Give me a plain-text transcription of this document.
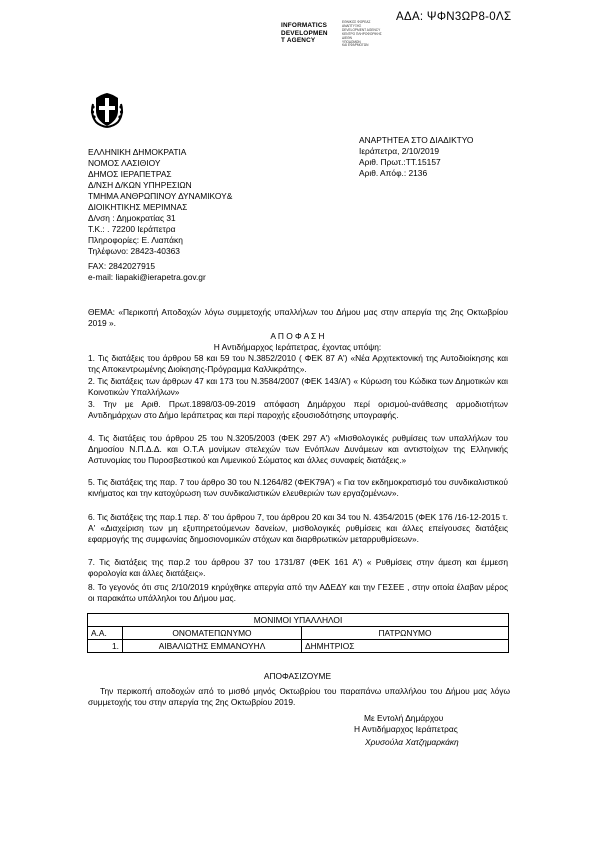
ΑΔΑ: ΨΦΝ3ΩΡ8-0ΛΣ
INFORMATICS
DEVELOPMEN
T AGENCY
ΕΘΝΙΚΟΣ ΦΟΡΕΑΣ
ΑΝΑΠΤΥΞΗΣ
DEVELOPMENT AGENCY
ΚΕΝΤΡΟ ΠΛΗΡΟΦΟΡΙΚΗΣ
ΔΙΕΘΝ
ΥΠΟΔΟΜΩΝ
ΚΑΙ ΕΦΑΡΜΟΓΩΝ
ΑΝΑΡΤΗΤΕΑ ΣΤΟ ΔΙΑΔΙΚΤΥΟ
Ιεράπετρα, 2/10/2019
Αριθ. Πρωτ.:ΤΤ.15157
Αριθ. Απόφ.: 2136
ΕΛΛΗΝΙΚΗ ΔΗΜΟΚΡΑΤΙΑ
ΝΟΜΟΣ ΛΑΣΙΘΙΟΥ
ΔΗΜΟΣ ΙΕΡΑΠΕΤΡΑΣ
Δ/ΝΣΗ Δ/ΚΩΝ ΥΠΗΡΕΣΙΩΝ
ΤΜΗΜΑ ΑΝΘΡΩΠΙΝΟΥ ΔΥΝΑΜΙΚΟΥ&
ΔΙΟΙΚΗΤΙΚΗΣ ΜΕΡΙΜΝΑΣ
Δ/νση : Δημοκρατίας 31
Τ.Κ.: . 72200 Ιεράπετρα
Πληροφορίες: Ε. Λιαπάκη
Τηλέφωνο: 28423-40363
FAX: 2842027915
e-mail: liapaki@ierapetra.gov.gr
ΘΕΜΑ: «Περικοπή Αποδοχών λόγω συμμετοχής υπαλλήλων του Δήμου μας στην απεργία της 2ης Οκτωβρίου 2019 ».
Α Π Ο Φ Α Σ Η
Η Αντιδήμαρχος Ιεράπετρας, έχοντας υπόψη:
1. Τις διατάξεις του άρθρου 58 και 59 του Ν.3852/2010 ( ΦΕΚ 87 Α') «Νέα Αρχιτεκτονική της Αυτοδιοίκησης και της Αποκεντρωμένης Διοίκησης-Πρόγραμμα Καλλικράτης».
2. Τις διατάξεις των άρθρων 47 και 173 του Ν.3584/2007 (ΦΕΚ 143/Α') « Κύρωση του Κώδικα των Δημοτικών και Κοινοτικών Υπαλλήλων»
3. Την με Αριθ. Πρωτ.1898/03-09-2019 απόφαση Δημάρχου περί ορισμού-ανάθεσης αρμοδιοτήτων Αντιδημάρχων στο Δήμο Ιεράπετρας και περί παροχής εξουσιοδότησης υπογραφής.
4. Τις διατάξεις του άρθρου 25 του Ν.3205/2003 (ΦΕΚ 297 Α') «Μισθολογικές ρυθμίσεις των υπαλλήλων του Δημοσίου Ν.Π.Δ.Δ. και Ο.Τ.Α μονίμων στελεχών των Ενόπλων Δυνάμεων και αντιστοίχων της Ελληνικής Αστυνομίας του Πυροσβεστικού και Λιμενικού Σώματος και άλλες συναφείς διατάξεις.»
5. Τις διατάξεις της παρ. 7 του άρθρο 30 του Ν.1264/82 (ΦΕΚ79Α') « Για τον εκδημοκρατισμό του συνδικαλιστικού κινήματος και την κατοχύρωση των συνδικαλιστικών ελευθεριών των εργαζομένων».
6. Τις διατάξεις της παρ.1 περ. δ' του άρθρου 7, του άρθρου 20 και 34 του Ν. 4354/2015 (ΦΕΚ 176 /16-12-2015 τ. Α' «Διαχείριση των μη εξυπηρετούμενων δανείων, μισθολογικές ρυθμίσεις και άλλες επείγουσες διατάξεις εφαρμογής της συμφωνίας δημοσιονομικών στόχων και διαρθρωτικών μεταρρυθμίσεων».
7. Τις διατάξεις της παρ.2 του άρθρου 37 του 1731/87 (ΦΕΚ 161 Α') « Ρυθμίσεις στην άμεση και έμμεση φορολογία και άλλες διατάξεις».
8. Το γεγονός ότι στις 2/10/2019 κηρύχθηκε απεργία από την ΑΔΕΔΥ και την ΓΕΣΕΕ , στην οποία έλαβαν μέρος οι παρακάτω υπάλληλοι του Δήμου μας.
ΜΟΝΙΜΟΙ ΥΠΑΛΛΗΛΟΙ		
Α.Α.	ΟΝΟΜΑΤΕΠΩΝΥΜΟ	ΠΑΤΡΩΝΥΜΟ
1.	ΑΙΒΑΛΙΩΤΗΣ ΕΜΜΑΝΟΥΗΛ	ΔΗΜΗΤΡΙΟΣ
ΑΠΟΦΑΣΙΖΟΥΜΕ
Την περικοπή αποδοχών από το μισθό μηνός Οκτωβρίου του παραπάνω υπαλλήλου του Δήμου μας λόγω συμμετοχής του στην απεργία της 2ης Οκτωβρίου 2019.
Με Εντολή Δημάρχου
Η Αντιδήμαρχος Ιεράπετρας
Χρυσούλα Χατζημαρκάκη
